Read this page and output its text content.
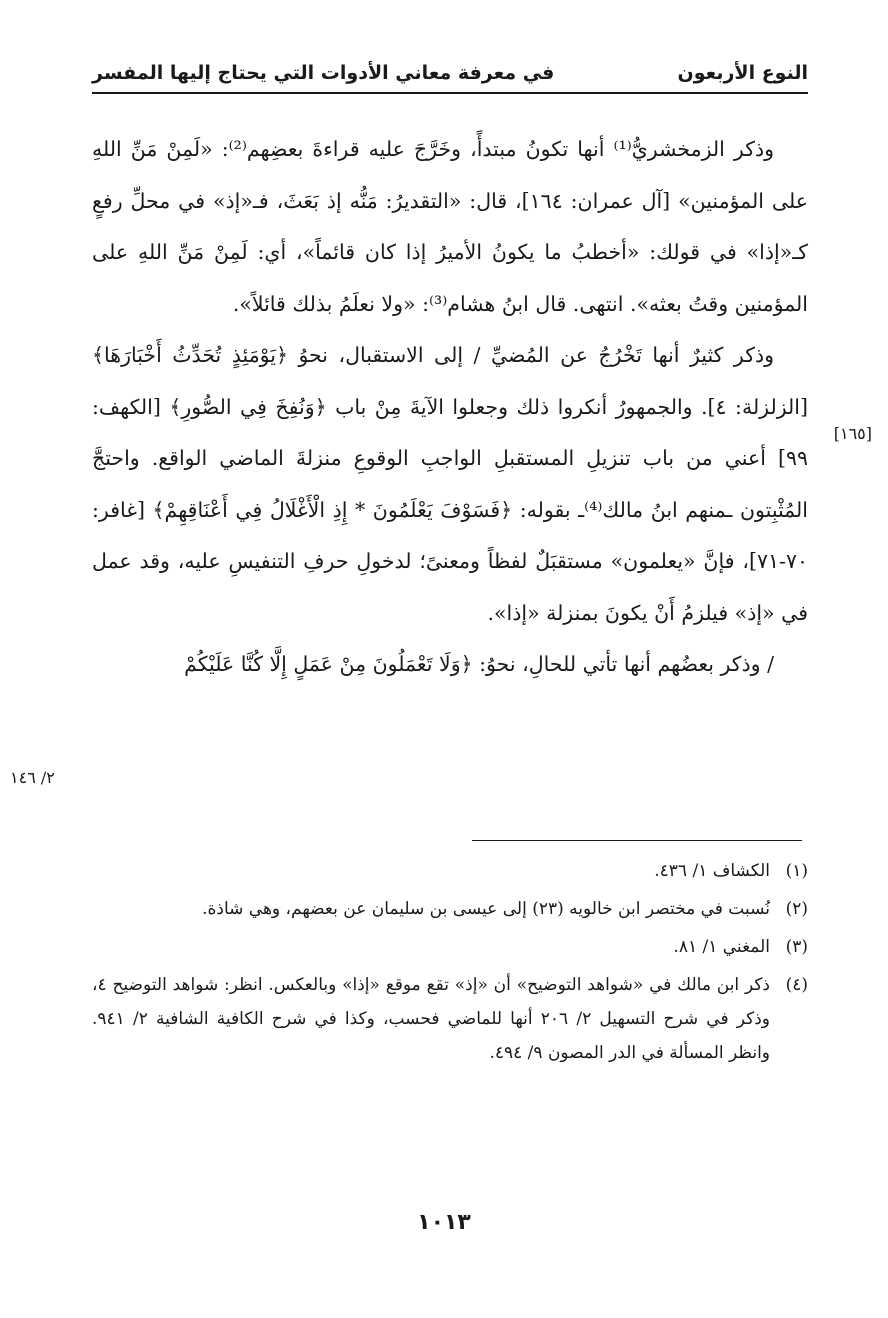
النوع الأربعون
في معرفة معاني الأدوات التي يحتاج إليها المفسر

وذكر الزمخشريُّ⁽¹⁾ أنها تكونُ مبتدأً، وخَرَّجَ عليه قراءةَ بعضِهم⁽²⁾: «لَمِنْ مَنِّ اللهِ على المؤمنين» [آل عمران: ١٦٤]، قال: «التقديرُ: مَنُّه إذ بَعَثَ، فـ«إذ» في محلِّ رفعٍ كـ«إذا» في قولك: «أخطبُ ما يكونُ الأميرُ إذا كان قائماً»، أي: لَمِنْ مَنِّ اللهِ على المؤمنين وقتُ بعثه». انتهى. قال ابنُ هشام⁽³⁾: «ولا نعلَمُ بذلك قائلاً».

وذكر كثيرٌ أنها تَخْرُجُ عن المُضيِّ / إلى الاستقبال، نحوُ ﴿يَوْمَئِذٍ تُحَدِّثُ أَخْبَارَهَا﴾ [الزلزلة: ٤]. والجمهورُ أنكروا ذلك وجعلوا الآيةَ مِنْ باب ﴿وَنُفِخَ فِي الصُّورِ﴾ [الكهف: ٩٩] أعني من باب تنزيلِ المستقبلِ الواجبِ الوقوعِ منزلةَ الماضي الواقع. واحتجَّ المُثْبِتون ـمنهم ابنُ مالك⁽⁴⁾ـ بقوله: ﴿فَسَوْفَ يَعْلَمُونَ * إِذِ الْأَغْلَالُ فِي أَعْنَاقِهِمْ﴾ [غافر: ٧٠-٧١]، فإنَّ «يعلمون» مستقبَلٌ لفظاً ومعنىً؛ لدخولِ حرفِ التنفيسِ عليه، وقد عمل في «إذ» فيلزمُ أَنْ يكونَ بمنزلة «إذا».

/ وذكر بعضُهم أنها تأتي للحالِ، نحوُ: ﴿وَلَا تَعْمَلُونَ مِنْ عَمَلٍ إِلَّا كُنَّا عَلَيْكُمْ

[١٦٥]
٢/ ١٤٦

(١)الكشاف ١/ ٤٣٦.

(٢)نُسبت في مختصر ابن خالويه (٢٣) إلى عيسى بن سليمان عن بعضهم، وهي شاذة.

(٣)المغني ١/ ٨١.

(٤)ذكر ابن مالك في «شواهد التوضيح» أن «إذ» تقع موقع «إذا» وبالعكس. انظر: شواهد التوضيح ٤، وذكر في شرح التسهيل ٢/ ٢٠٦ أنها للماضي فحسب، وكذا في شرح الكافية الشافية ٢/ ٩٤١. وانظر المسألة في الدر المصون ٩/ ٤٩٤.

١٠١٣
